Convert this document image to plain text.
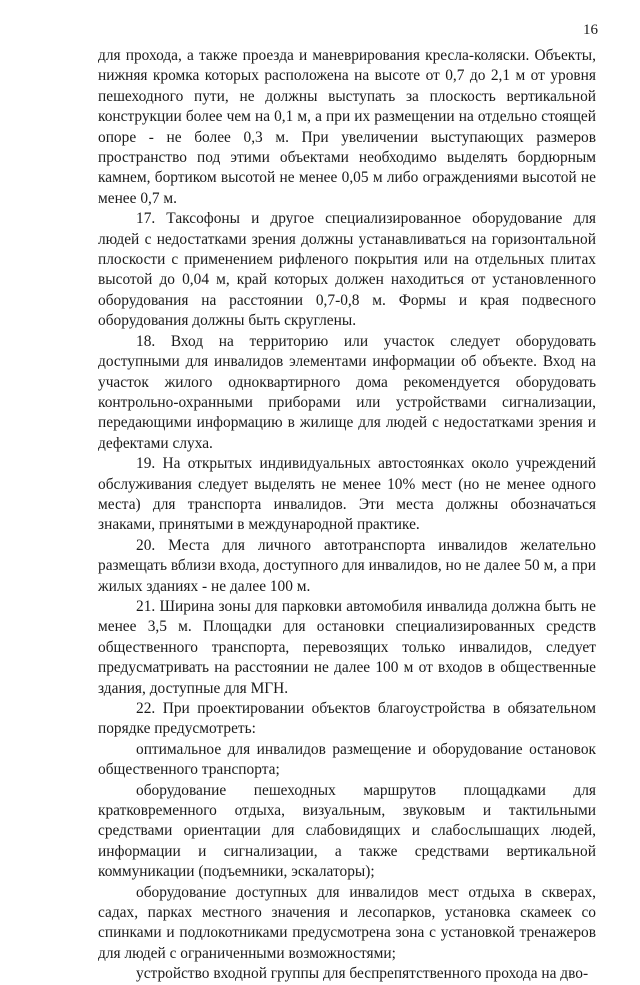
16

для прохода, а также проезда и маневрирования кресла-коляски. Объекты, нижняя кромка которых расположена на высоте от 0,7 до 2,1 м от уровня пешеходного пути, не должны выступать за плоскость вертикальной конструкции более чем на 0,1 м, а при их размещении на отдельно стоящей опоре - не более 0,3 м. При увеличении выступающих размеров пространство под этими объектами необходимо выделять бордюрным камнем, бортиком высотой не менее 0,05 м либо ограждениями высотой не менее 0,7 м.

17. Таксофоны и другое специализированное оборудование для людей с недостатками зрения должны устанавливаться на горизонтальной плоскости с применением рифленого покрытия или на отдельных плитах высотой до 0,04 м, край которых должен находиться от установленного оборудования на расстоянии 0,7-0,8 м. Формы и края подвесного оборудования должны быть скруглены.

18. Вход на территорию или участок следует оборудовать доступными для инвалидов элементами информации об объекте. Вход на участок жилого одноквартирного дома рекомендуется оборудовать контрольно-охранными приборами или устройствами сигнализации, передающими информацию в жилище для людей с недостатками зрения и дефектами слуха.

19. На открытых индивидуальных автостоянках около учреждений обслуживания следует выделять не менее 10% мест (но не менее одного места) для транспорта инвалидов. Эти места должны обозначаться знаками, принятыми в международной практике.

20. Места для личного автотранспорта инвалидов желательно размещать вблизи входа, доступного для инвалидов, но не далее 50 м, а при жилых зданиях - не далее 100 м.

21. Ширина зоны для парковки автомобиля инвалида должна быть не менее 3,5 м. Площадки для остановки специализированных средств общественного транспорта, перевозящих только инвалидов, следует предусматривать на расстоянии не далее 100 м от входов в общественные здания, доступные для МГН.

22. При проектировании объектов благоустройства в обязательном порядке предусмотреть:

оптимальное для инвалидов размещение и оборудование остановок общественного транспорта;

оборудование пешеходных маршрутов площадками для кратковременного отдыха, визуальным, звуковым и тактильными средствами ориентации для слабовидящих и слабослышащих людей, информации и сигнализации, а также средствами вертикальной коммуникации (подъемники, эскалаторы);

оборудование доступных для инвалидов мест отдыха в скверах, садах, парках местного значения и лесопарков, установка скамеек со спинками и подлокотниками предусмотрена зона с установкой тренажеров для людей с ограниченными возможностями;

устройство входной группы для беспрепятственного прохода на дво-
